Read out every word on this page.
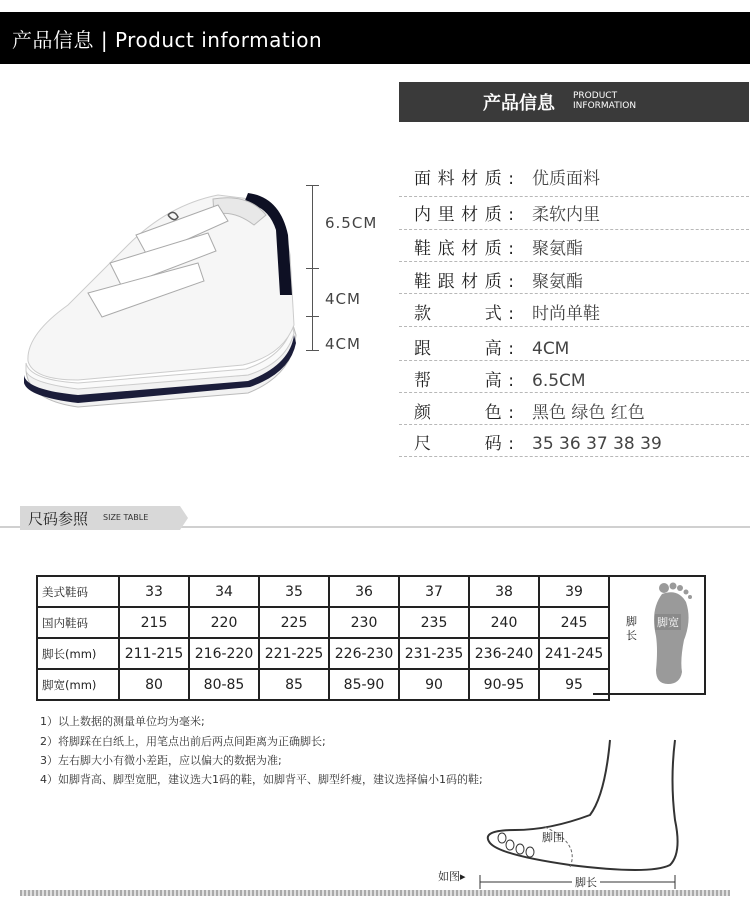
产品信息 | Product information
6.5CM
4CM
4CM
产品信息 PRODUCT
INFORMATION
面料材质: 优质面料
内里材质: 柔软内里
鞋底材质: 聚氨酯
鞋跟材质: 聚氨酯
款　　式: 时尚单鞋
跟　　高: 4CM
帮　　高: 6.5CM
颜　　色: 黑色 绿色 红色
尺　　码: 35 36 37 38 39
尺码参照 SIZE TABLE
美式鞋码	33	34	35	36	37	38	39
国内鞋码	215	220	225	230	235	240	245
脚长(mm)	211-215	216-220	221-225	226-230	231-235	236-240	241-245
脚宽(mm)	80	80-85	85	85-90	90	90-95	95
脚长
脚宽
1）以上数据的测量单位均为毫米;
2）将脚踩在白纸上，用笔点出前后两点间距离为正确脚长;
3）左右脚大小有微小差距，应以偏大的数据为准;
4）如脚背高、脚型宽肥，建议选大1码的鞋，如脚背平、脚型纤瘦，建议选择偏小1码的鞋;
脚围
如图▸	脚长
